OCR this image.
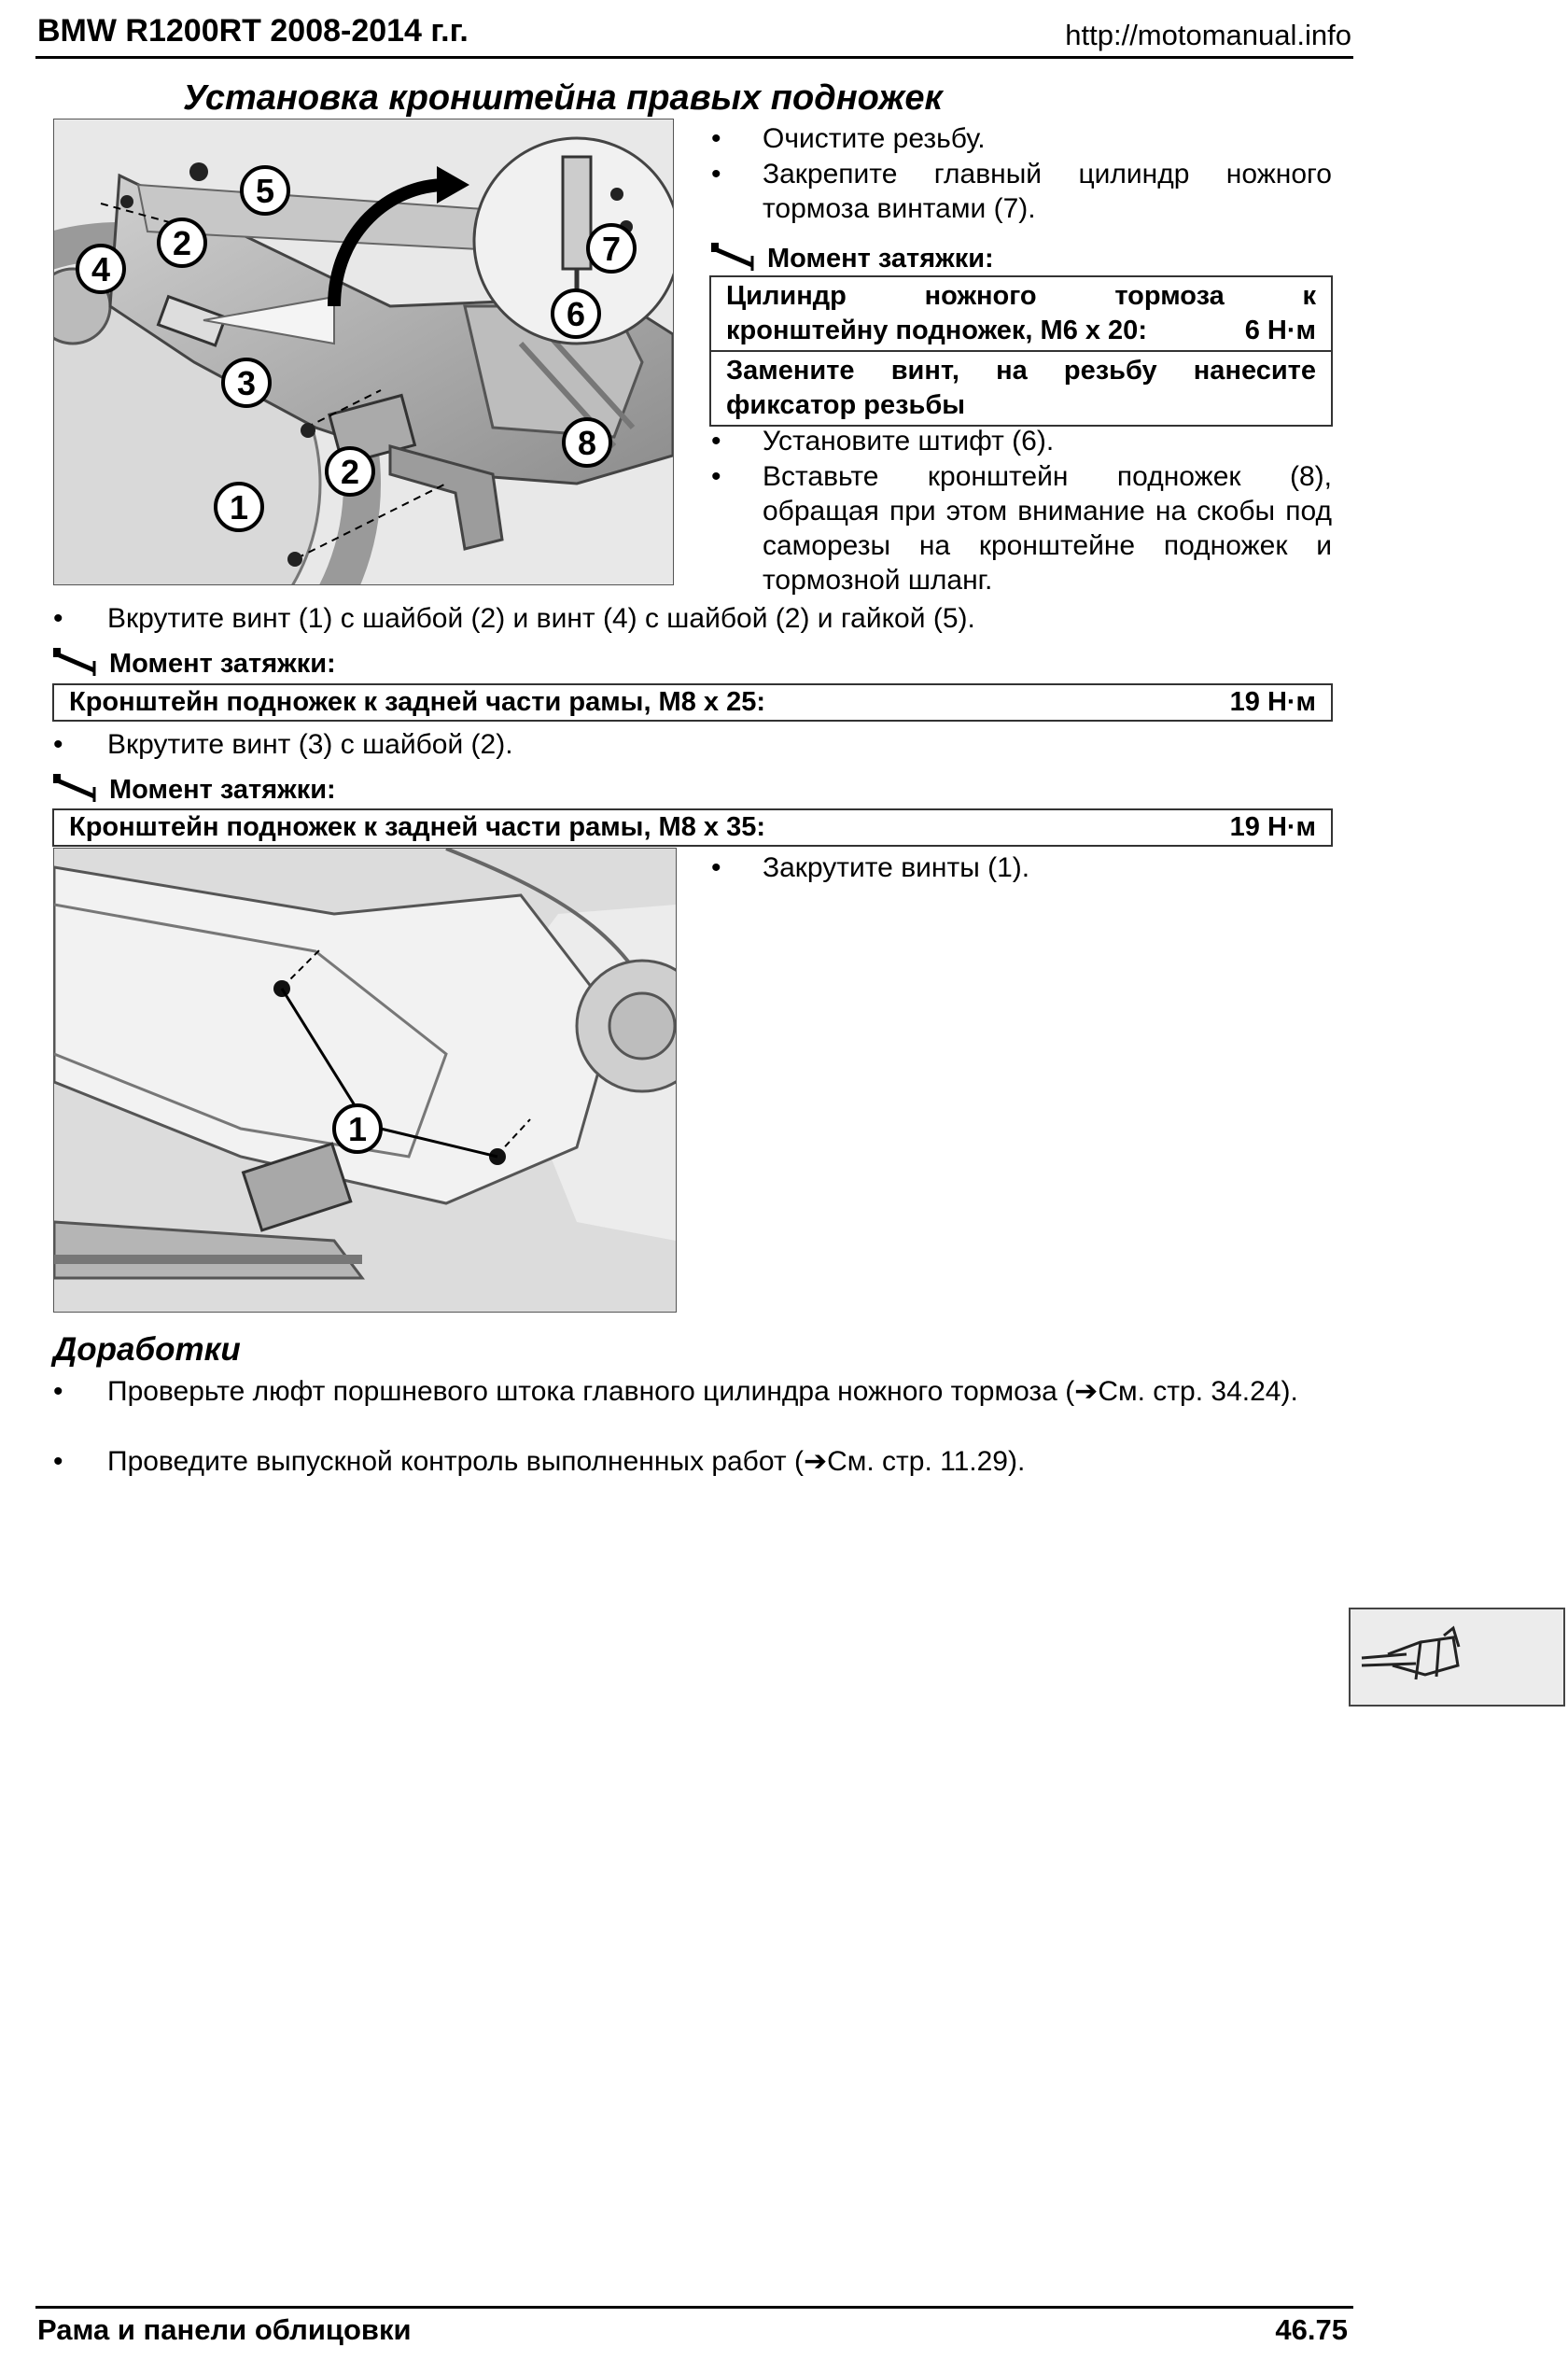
BMW R1200RT 2008-2014 г.г.	http://motomanual.info
Установка кронштейна правых подножек
5
2
4
3
2
1
7
6
8
• Очистите резьбу.
• Закрепите главный цилиндр ножного тормоза винтами (7).
Момент затяжки:
Цилиндр ножного тормоза к
кронштейну подножек, M6 x 20:	6 Н·м
Замените винт, на резьбу нанесите фиксатор резьбы
• Установите штифт (6).
• Вставьте кронштейн подножек (8), обращая при этом внимание на скобы под саморезы на кронштейне подножек и тормозной шланг.
• Вкрутите винт (1) с шайбой (2) и винт (4) с шайбой (2) и гайкой (5).
Момент затяжки:
Кронштейн подножек к задней части рамы, M8 x 25:	19 Н·м
• Вкрутите винт (3) с шайбой (2).
Момент затяжки:
Кронштейн подножек к задней части рамы, M8 x 35:	19 Н·м
1
• Закрутите винты (1).
Доработки
• Проверьте люфт поршневого штока главного цилиндра ножного тормоза (➔См. стр. 34.24).
• Проведите выпускной контроль выполненных работ (➔См. стр. 11.29).
Рама и панели облицовки	46.75
